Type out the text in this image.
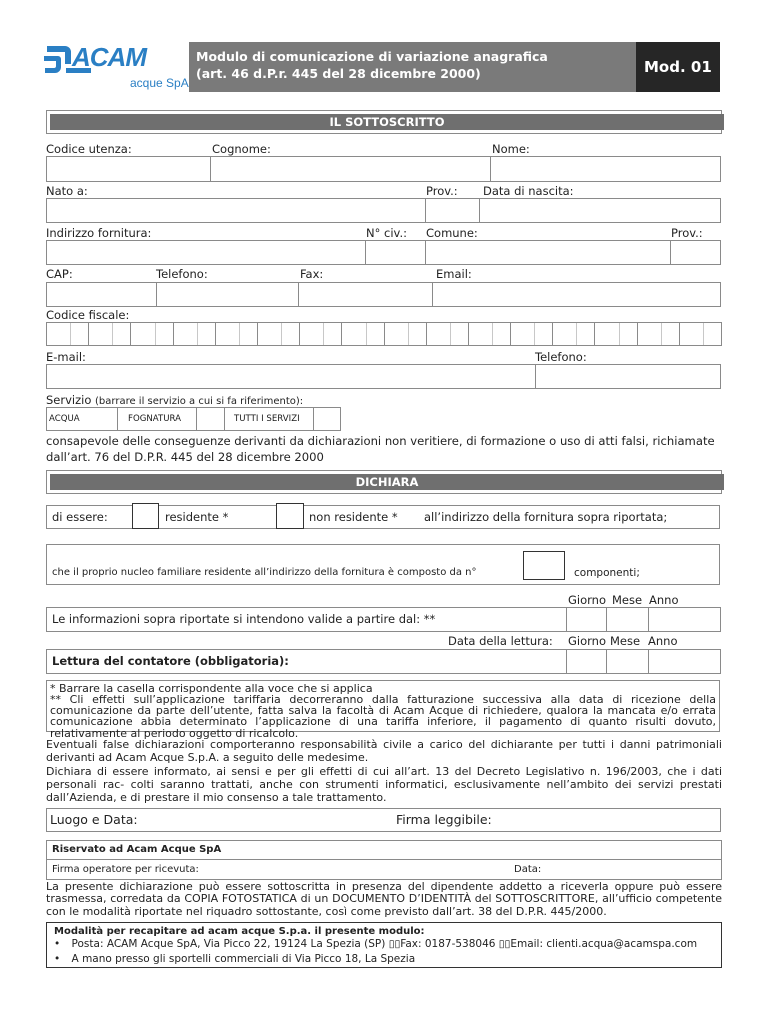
ACAM
acque SpA
Modulo di comunicazione di variazione anagrafica
(art. 46 d.P.r. 445 del 28 dicembre 2000)	Mod. 01
IL SOTTOSCRITTO
Codice utenza:	Cognome:	Nome:
Nato a:	Prov.: Data di nascita:
Indirizzo fornitura:	N° civ.: Comune:	Prov.:
CAP:	Telefono:	Fax:	Email:
Codice fiscale:
E-mail:	Telefono:
Servizio (barrare il servizio a cui si fa riferimento):
ACQUA	FOGNATURA	TUTTI I SERVIZI
consapevole delle conseguenze derivanti da dichiarazioni non veritiere, di formazione o uso di atti falsi, richiamate
dall’art. 76 del D.P.R. 445 del 28 dicembre 2000
DICHIARA
di essere:	residente *	non residente * all’indirizzo della fornitura sopra riportata;
che il proprio nucleo familiare residente all’indirizzo della fornitura è composto da n°	componenti;
Giorno Mese Anno
Le informazioni sopra riportate si intendono valide a partire dal: **
Data della lettura: Giorno Mese Anno
Lettura del contatore (obbligatoria):
* Barrare la casella corrispondente alla voce che si applica
** Cli effetti sull’applicazione tariffaria decorreranno dalla fatturazione successiva alla data di ricezione della comunicazione da parte dell’utente, fatta salva la facoltà di Acam Acque di richiedere, qualora la mancata e/o errata comunicazione abbia determinato l’applicazione di una tariffa inferiore, il pagamento di quanto risulti dovuto, relativamente al periodo oggetto di ricalcolo.
Eventuali false dichiarazioni comporteranno responsabilità civile a carico del dichiarante per tutti i danni patrimoniali derivanti ad Acam Acque S.p.A. a seguito delle medesime.
Dichiara di essere informato, ai sensi e per gli effetti di cui all’art. 13 del Decreto Legislativo n. 196/2003, che i dati personali rac- colti saranno trattati, anche con strumenti informatici, esclusivamente nell’ambito dei servizi prestati dall’Azienda, e di prestare il mio consenso a tale trattamento.
Luogo e Data:	Firma leggibile:
Riservato ad Acam Acque SpA
Firma operatore per ricevuta:	Data:
La presente dichiarazione può essere sottoscritta in presenza del dipendente addetto a riceverla oppure può essere trasmessa, corredata da COPIA FOTOSTATICA di un DOCUMENTO D’IDENTITÀ del SOTTOSCRITTORE, all’ufficio competente con le modalità riportate nel riquadro sottostante, così come previsto dall’art. 38 del D.P.R. 445/2000.
Modalità per recapitare ad acam acque S.p.a. il presente modulo:
• Posta: ACAM Acque SpA, Via Picco 22, 19124 La Spezia (SP) ▯▯Fax: 0187-538046 ▯▯Email: clienti.acqua@acamspa.com
• A mano presso gli sportelli commerciali di Via Picco 18, La Spezia
